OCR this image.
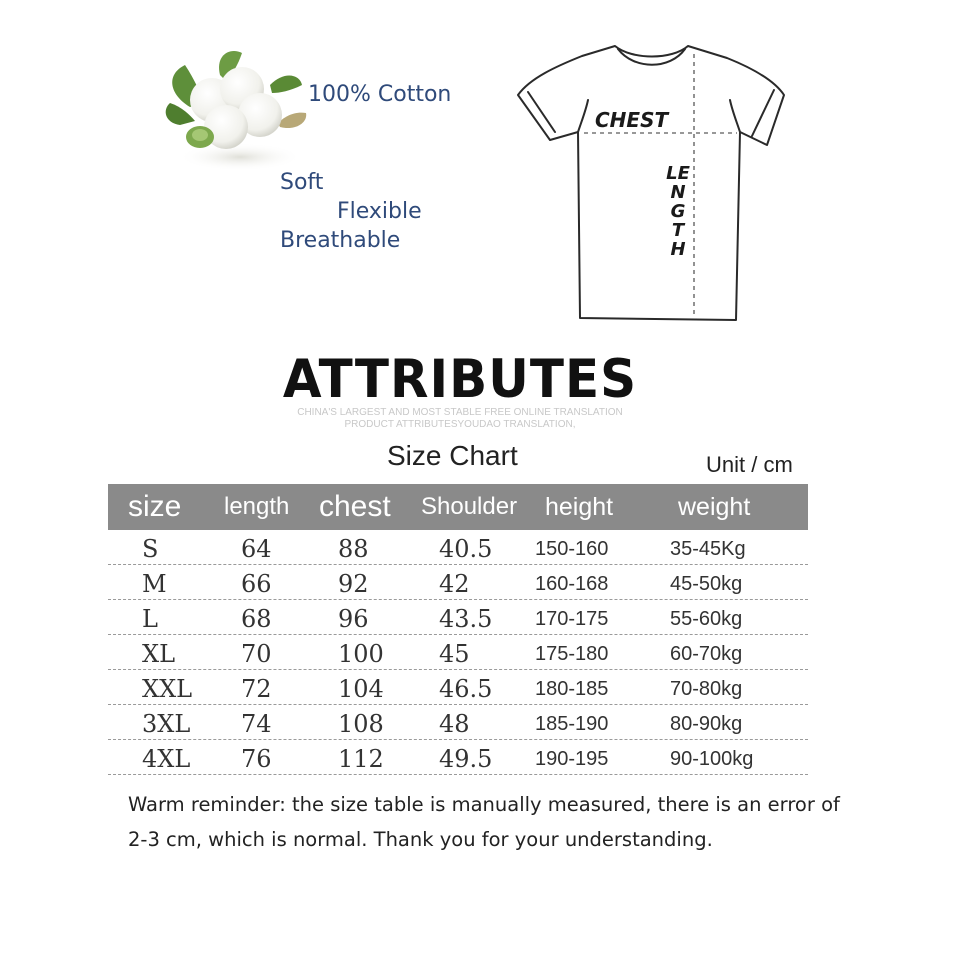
100% Cotton
Soft
Flexible
Breathable
CHEST
LENGTH
ATTRIBUTES
CHINA'S LARGEST AND MOST STABLE FREE ONLINE TRANSLATION
PRODUCT ATTRIBUTESYOUDAO TRANSLATION,
Size Chart	Unit / cm
size length chest Shoulder height	weight
S	64	88	40.5 150-160	35-45Kg
M	66	92	42	160-168	45-50kg
L	68	96	43.5 170-175	55-60kg
XL	70	100 45	175-180	60-70kg
XXL 72	104 46.5 180-185	70-80kg
3XL 74	108 48	185-190	80-90kg
4XL 76	112 49.5 190-195	90-100kg
Warm reminder: the size table is manually measured, there is an error of 2-3 cm, which is normal. Thank you for your understanding.
